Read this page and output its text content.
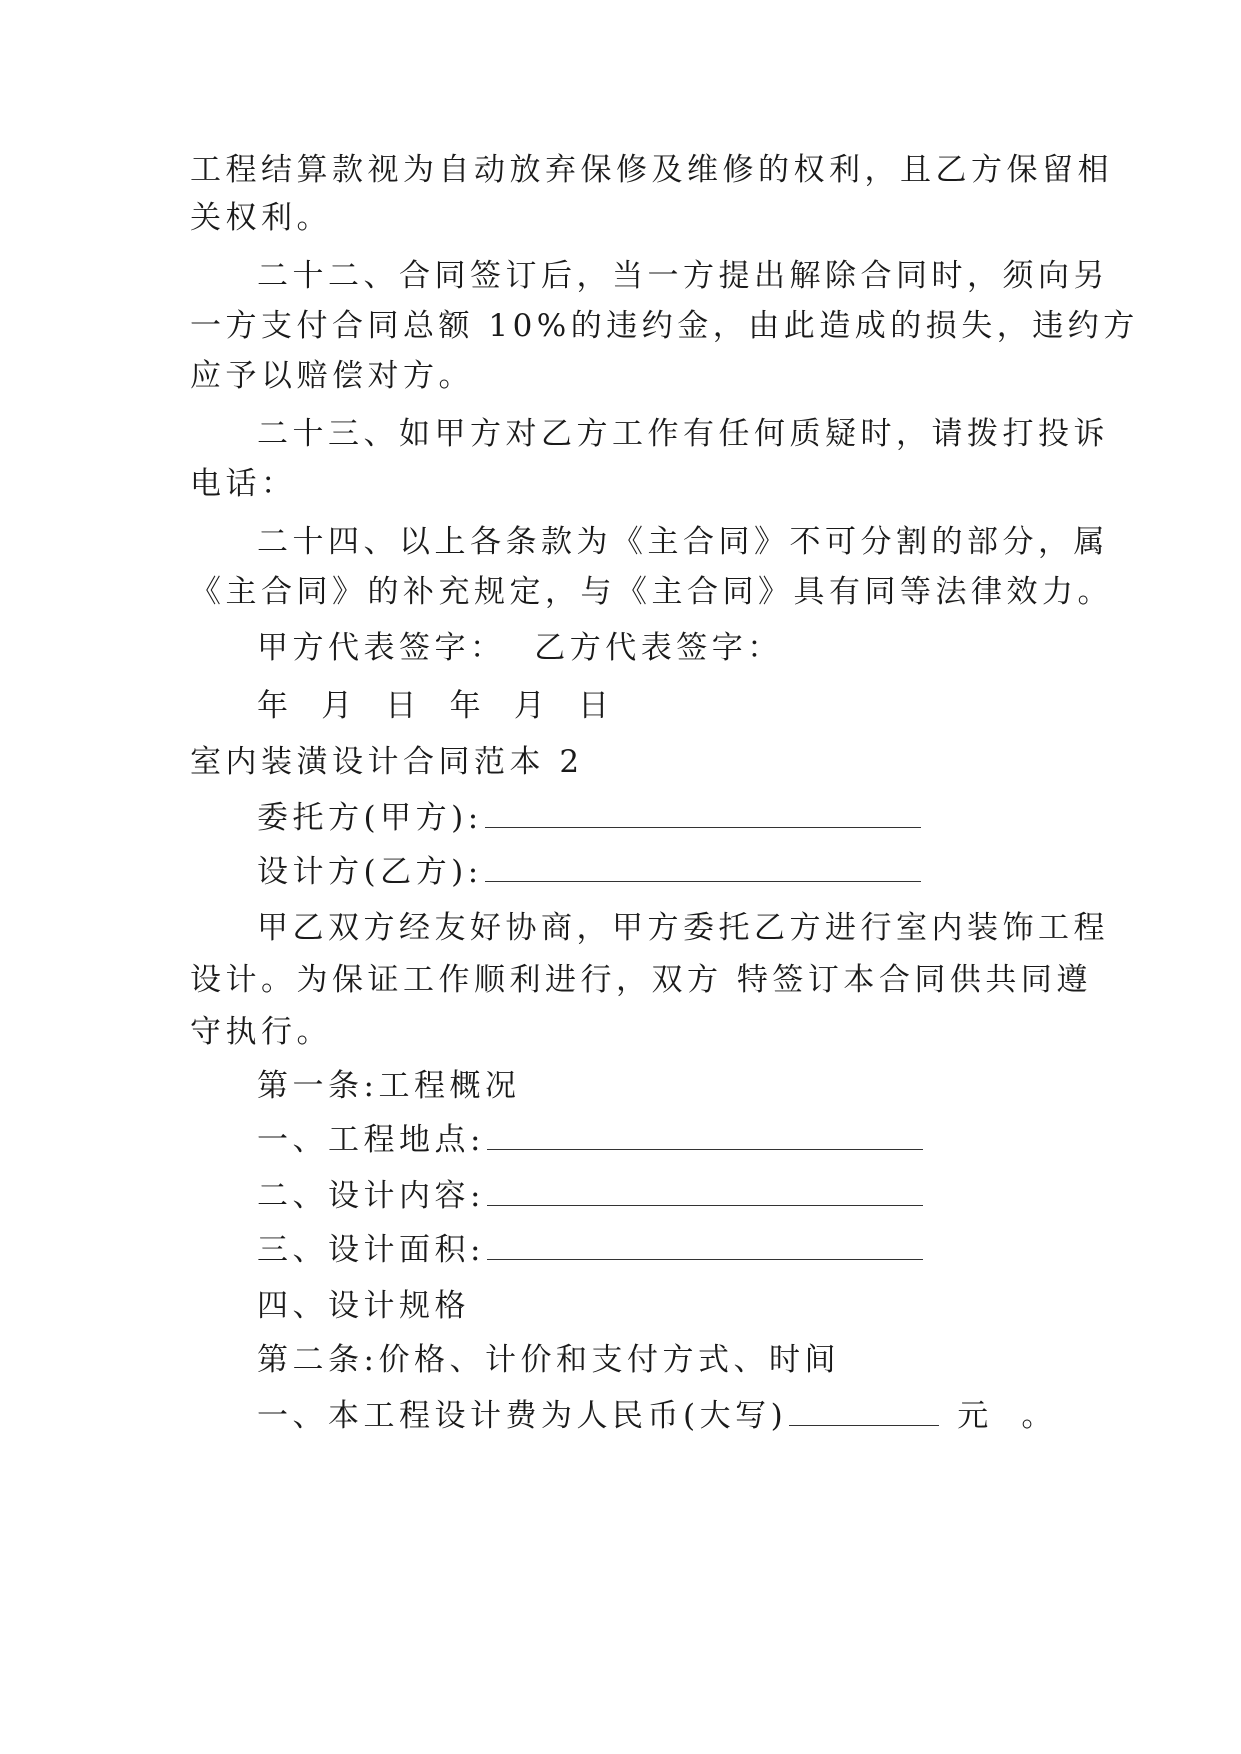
工程结算款视为自动放弃保修及维修的权利，且乙方保留相
关权利。
二十二、合同签订后，当一方提出解除合同时，须向另
一方支付合同总额 10%的违约金，由此造成的损失，违约方
应予以赔偿对方。
二十三、如甲方对乙方工作有任何质疑时，请拨打投诉
电话：
二十四、以上各条款为《主合同》不可分割的部分，属
《主合同》的补充规定，与《主合同》具有同等法律效力。
甲方代表签字：  乙方代表签字：
年  月  日  年  月  日
室内装潢设计合同范本 2
委托方(甲方):
设计方(乙方):
甲乙双方经友好协商，甲方委托乙方进行室内装饰工程
设计。为保证工作顺利进行，双方 特签订本合同供共同遵
守执行。
第一条:工程概况
一、工程地点:
二、设计内容:
三、设计面积:
四、设计规格
第二条:价格、计价和支付方式、时间
一、本工程设计费为人民币(大写)	元  。
